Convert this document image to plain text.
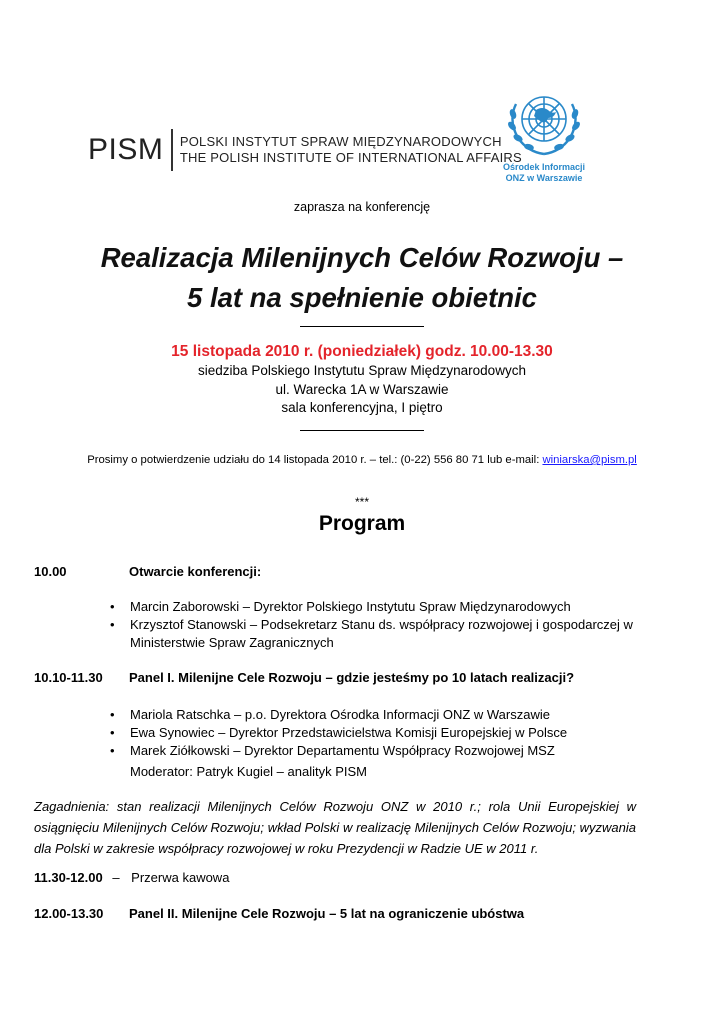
PISM POLSKI INSTYTUT SPRAW MIĘDZYNARODOWYCH
THE POLISH INSTITUTE OF INTERNATIONAL AFFAIRS
Ośrodek Informacji
ONZ w Warszawie
zaprasza na konferencję
Realizacja Milenijnych Celów Rozwoju –
5 lat na spełnienie obietnic
15 listopada 2010 r. (poniedziałek) godz. 10.00-13.30
siedziba Polskiego Instytutu Spraw Międzynarodowych
ul. Warecka 1A w Warszawie
sala konferencyjna, I piętro
Prosimy o potwierdzenie udziału do 14 listopada 2010 r. – tel.: (0-22) 556 80 71 lub e-mail: winiarska@pism.pl
***
Program
10.00	Otwarcie konferencji:
• Marcin Zaborowski – Dyrektor Polskiego Instytutu Spraw Międzynarodowych
• Krzysztof Stanowski – Podsekretarz Stanu ds. współpracy rozwojowej i gospodarczej w Ministerstwie Spraw Zagranicznych
10.10-11.30 Panel I. Milenijne Cele Rozwoju – gdzie jesteśmy po 10 latach realizacji?
• Mariola Ratschka – p.o. Dyrektora Ośrodka Informacji ONZ w Warszawie
• Ewa Synowiec – Dyrektor Przedstawicielstwa Komisji Europejskiej w Polsce
• Marek Ziółkowski – Dyrektor Departamentu Współpracy Rozwojowej MSZ
Moderator: Patryk Kugiel – analityk PISM
Zagadnienia: stan realizacji Milenijnych Celów Rozwoju ONZ w 2010 r.; rola Unii Europejskiej w osiągnięciu Milenijnych Celów Rozwoju; wkład Polski w realizację Milenijnych Celów Rozwoju; wyzwania dla Polski w zakresie współpracy rozwojowej w roku Prezydencji w Radzie UE w 2011 r.
11.30-12.00 – Przerwa kawowa
12.00-13.30 Panel II. Milenijne Cele Rozwoju – 5 lat na ograniczenie ubóstwa
